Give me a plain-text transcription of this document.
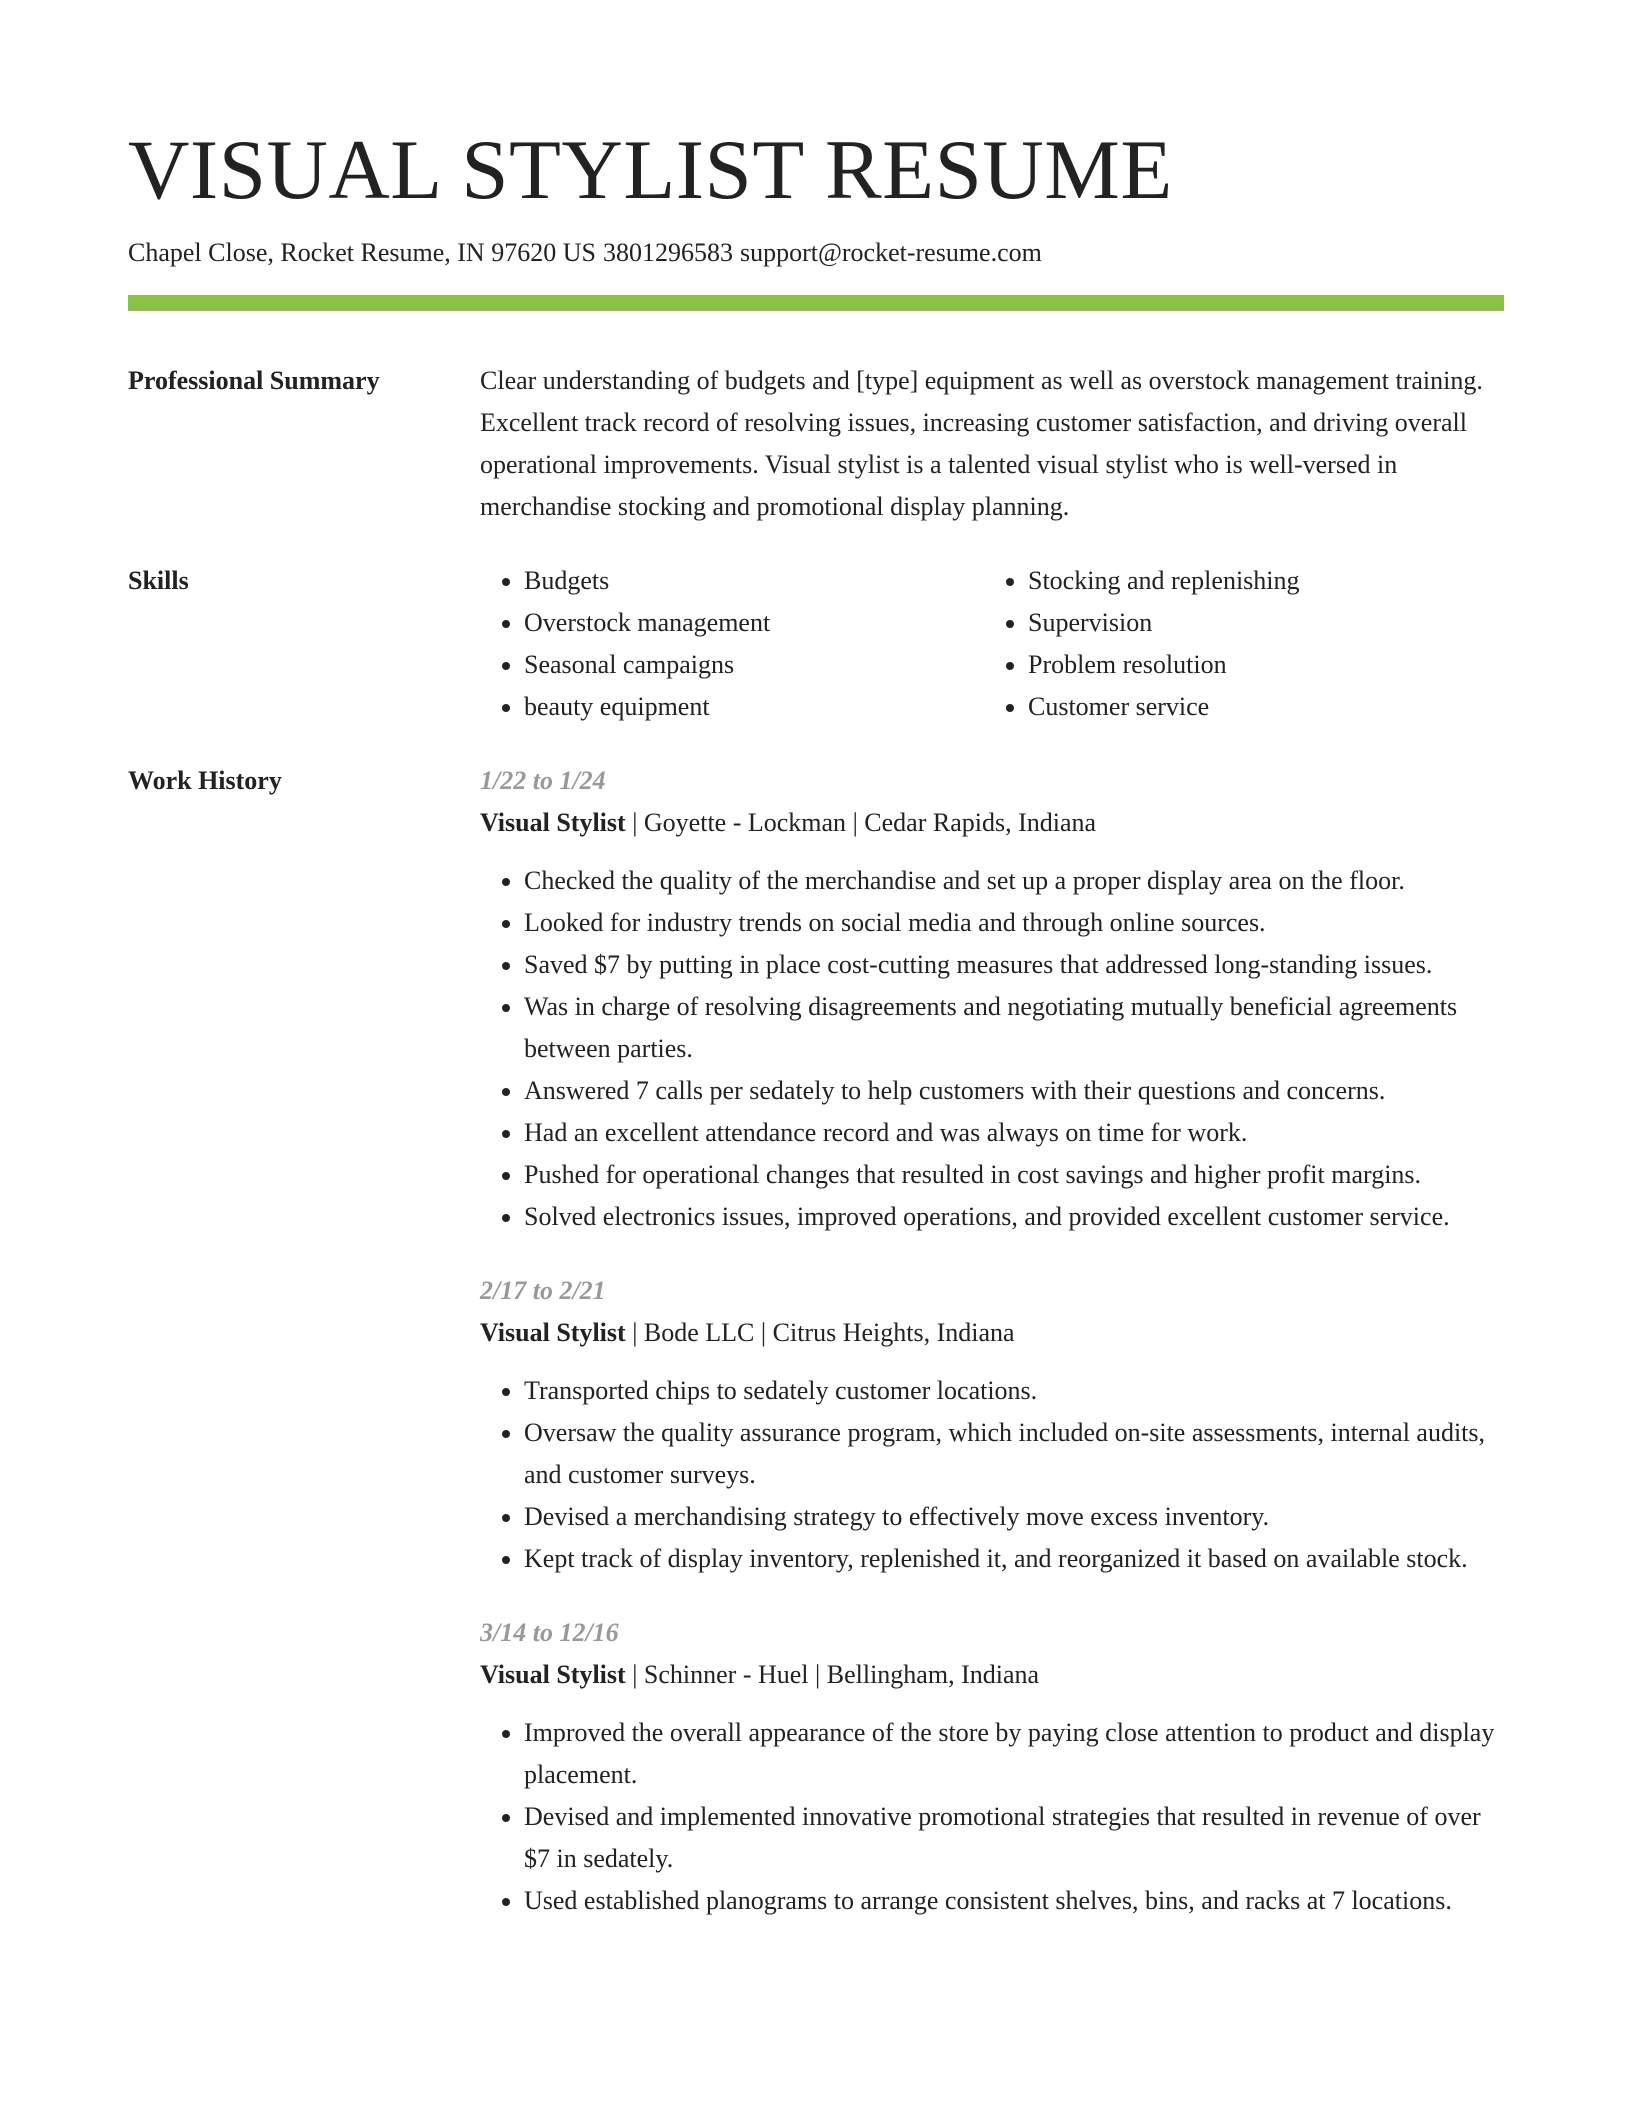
VISUAL STYLIST RESUME
Chapel Close, Rocket Resume, IN 97620 US 3801296583 support@rocket-resume.com
Professional Summary	Clear understanding of budgets and [type] equipment as well as overstock management training. Excellent track record of resolving issues, increasing customer satisfaction, and driving overall operational improvements. Visual stylist is a talented visual stylist who is well-versed in merchandise stocking and promotional display planning.

Skills
•	Budgets
• Overstock management
• Seasonal campaigns
• beauty equipment
• Stocking and replenishing
• Supervision
• Problem resolution
• Customer service
Work History	1/22 to 1/24
Visual Stylist | Goyette - Lockman | Cedar Rapids, Indiana
• Checked the quality of the merchandise and set up a proper display area on the floor.
• Looked for industry trends on social media and through online sources.
• Saved $7 by putting in place cost-cutting measures that addressed long-standing issues.
• Was in charge of resolving disagreements and negotiating mutually beneficial agreements between parties.
• Answered 7 calls per sedately to help customers with their questions and concerns.
• Had an excellent attendance record and was always on time for work.
• Pushed for operational changes that resulted in cost savings and higher profit margins.
• Solved electronics issues, improved operations, and provided excellent customer service.
2/17 to 2/21
Visual Stylist | Bode LLC | Citrus Heights, Indiana
• Transported chips to sedately customer locations.
• Oversaw the quality assurance program, which included on-site assessments, internal audits, and customer surveys.
• Devised a merchandising strategy to effectively move excess inventory.
• Kept track of display inventory, replenished it, and reorganized it based on available stock.
3/14 to 12/16
Visual Stylist | Schinner - Huel | Bellingham, Indiana
• Improved the overall appearance of the store by paying close attention to product and display placement.
• Devised and implemented innovative promotional strategies that resulted in revenue of over $7 in sedately.
• Used established planograms to arrange consistent shelves, bins, and racks at 7 locations.
